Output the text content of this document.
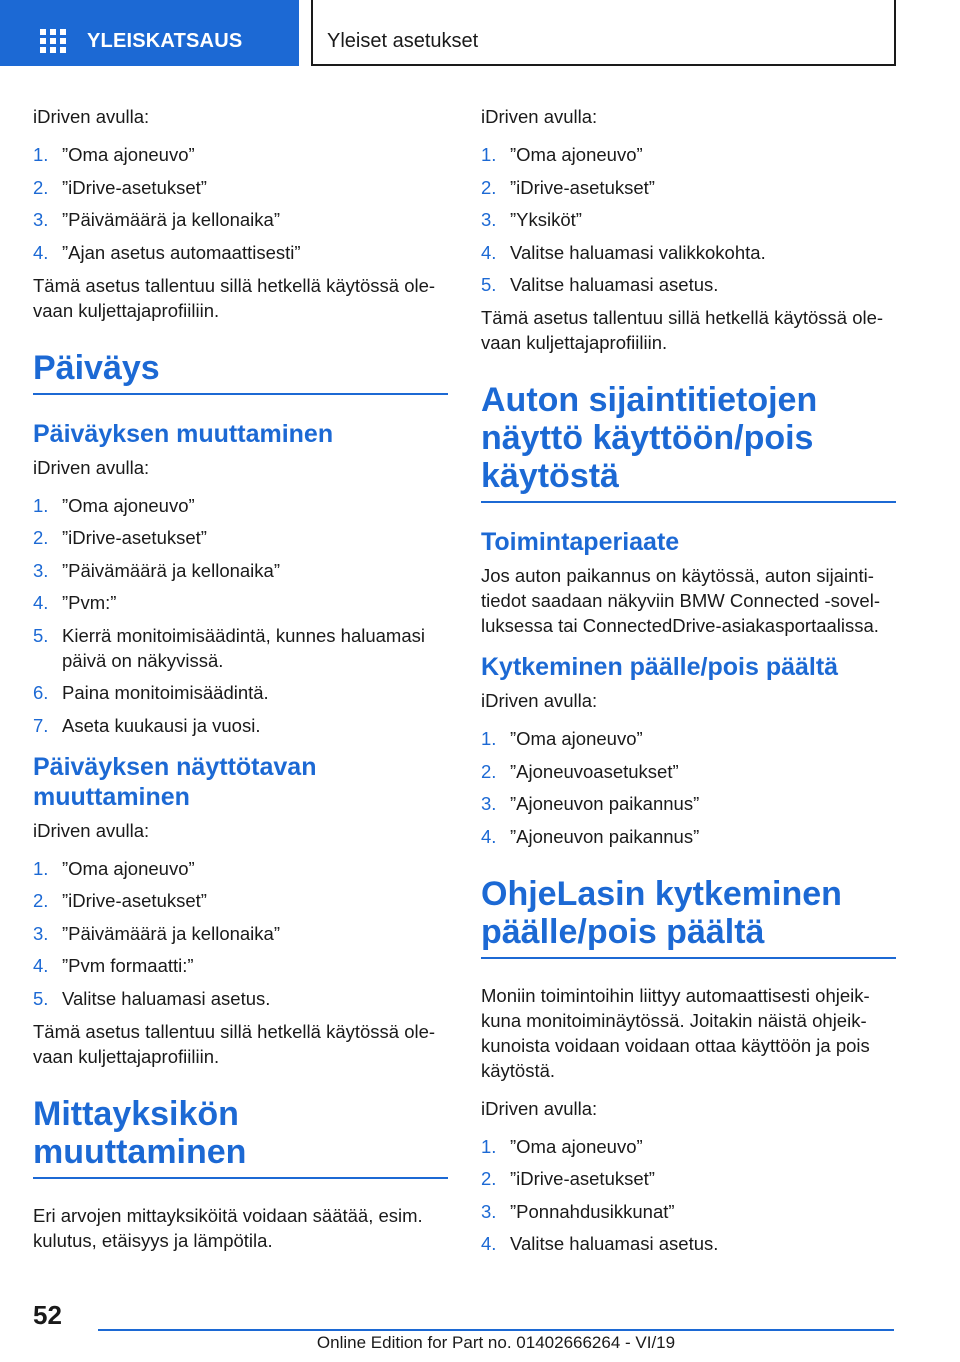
YLEISKATSAUS	Yleiset asetukset

iDriven avulla:

1. ”Oma ajoneuvo”
2. ”iDrive-asetukset”
3. ”Päivämäärä ja kellonaika”
4. ”Ajan asetus automaattisesti”

Tämä asetus tallentuu sillä hetkellä käytössä olevaan kuljettajaprofiiliin.

Päiväys
Päiväyksen muuttaminen

iDriven avulla:

1. ”Oma ajoneuvo”
2. ”iDrive-asetukset”
3. ”Päivämäärä ja kellonaika”
4. ”Pvm:”
5. Kierrä monitoimisäädintä, kunnes haluamasi päivä on näkyvissä.
6. Paina monitoimisäädintä.
7. Aseta kuukausi ja vuosi.
Päiväyksen näyttötavan muuttaminen

iDriven avulla:

1. ”Oma ajoneuvo”
2. ”iDrive-asetukset”
3. ”Päivämäärä ja kellonaika”
4. ”Pvm formaatti:”
5. Valitse haluamasi asetus.

Tämä asetus tallentuu sillä hetkellä käytössä olevaan kuljettajaprofiiliin.

Mittayksikön muuttaminen

Eri arvojen mittayksiköitä voidaan säätää, esim. kulutus, etäisyys ja lämpötila.

iDriven avulla:

1. ”Oma ajoneuvo”
2. ”iDrive-asetukset”
3. ”Yksiköt”
4. Valitse haluamasi valikkokohta.
5. Valitse haluamasi asetus.

Tämä asetus tallentuu sillä hetkellä käytössä olevaan kuljettajaprofiiliin.

Auton sijaintitietojen näyttö käyttöön/pois käytöstä
Toimintaperiaate

Jos auton paikannus on käytössä, auton sijaintitiedot saadaan näkyviin BMW Connected -sovelluksessa tai ConnectedDrive-asiakasportaalissa.

Kytkeminen päälle/pois päältä

iDriven avulla:

1. ”Oma ajoneuvo”
2. ”Ajoneuvoasetukset”
3. ”Ajoneuvon paikannus”
4. ”Ajoneuvon paikannus”
OhjeLasin kytkeminen päälle/pois päältä

Moniin toimintoihin liittyy automaattisesti ohjeikkuna monitoiminäytössä. Joitakin näistä ohjeikkunoista voidaan voidaan ottaa käyttöön ja pois käytöstä.

iDriven avulla:

1. ”Oma ajoneuvo”
2. ”iDrive-asetukset”
3. ”Ponnahdusikkunat”
4. Valitse haluamasi asetus.
52
Online Edition for Part no. 01402666264 - VI/19
